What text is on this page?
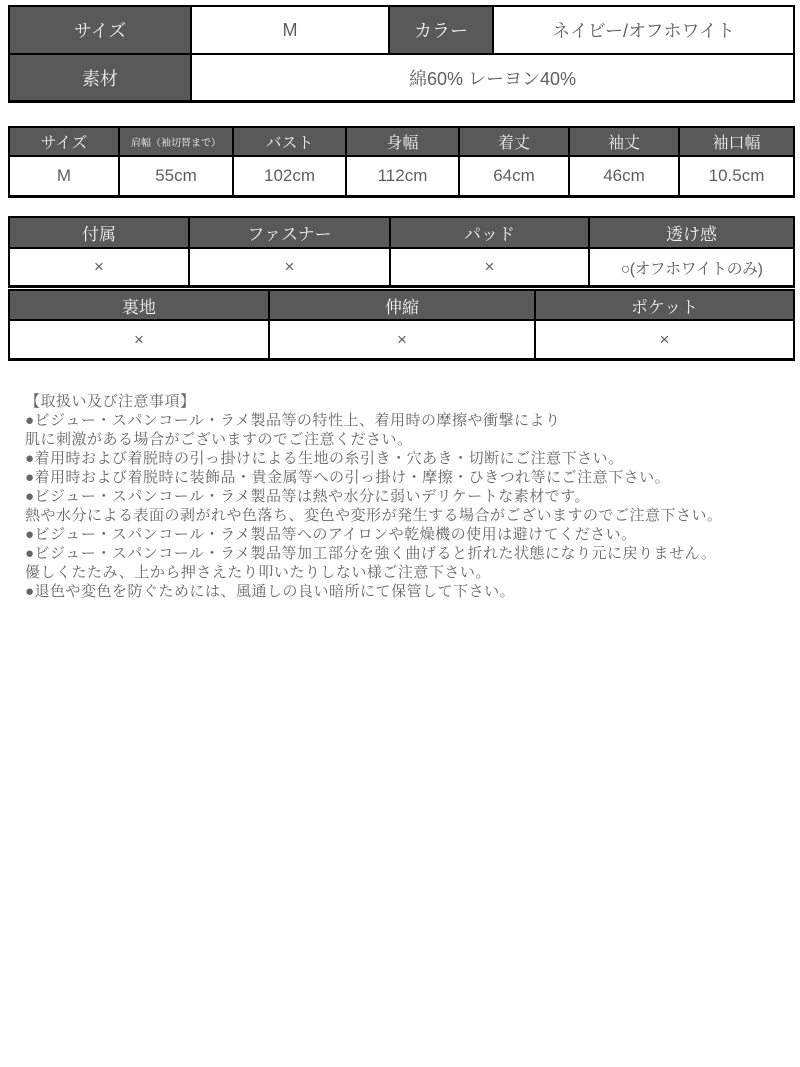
サイズ	M	カラー	ネイビー/オフホワイト
素材	綿60% レーヨン40%		
サイズ	肩幅（袖切替まで）	バスト	身幅	着丈	袖丈	袖口幅
M	55cm	102cm	112cm	64cm	46cm	10.5cm
付属	ファスナー	パッド	透け感
×	×	×	○(オフホワイトのみ)
裏地	伸縮	ポケット
×	×	×
【取扱い及び注意事項】
●ビジュー・スパンコール・ラメ製品等の特性上、着用時の摩擦や衝撃により
肌に刺激がある場合がございますのでご注意ください。
●着用時および着脱時の引っ掛けによる生地の糸引き・穴あき・切断にご注意下さい。
●着用時および着脱時に装飾品・貴金属等への引っ掛け・摩擦・ひきつれ等にご注意下さい。
●ビジュー・スパンコール・ラメ製品等は熱や水分に弱いデリケートな素材です。
熱や水分による表面の剥がれや色落ち、変色や変形が発生する場合がございますのでご注意下さい。
●ビジュー・スパンコール・ラメ製品等へのアイロンや乾燥機の使用は避けてください。
●ビジュー・スパンコール・ラメ製品等加工部分を強く曲げると折れた状態になり元に戻りません。
優しくたたみ、上から押さえたり叩いたりしない様ご注意下さい。
●退色や変色を防ぐためには、風通しの良い暗所にて保管して下さい。
